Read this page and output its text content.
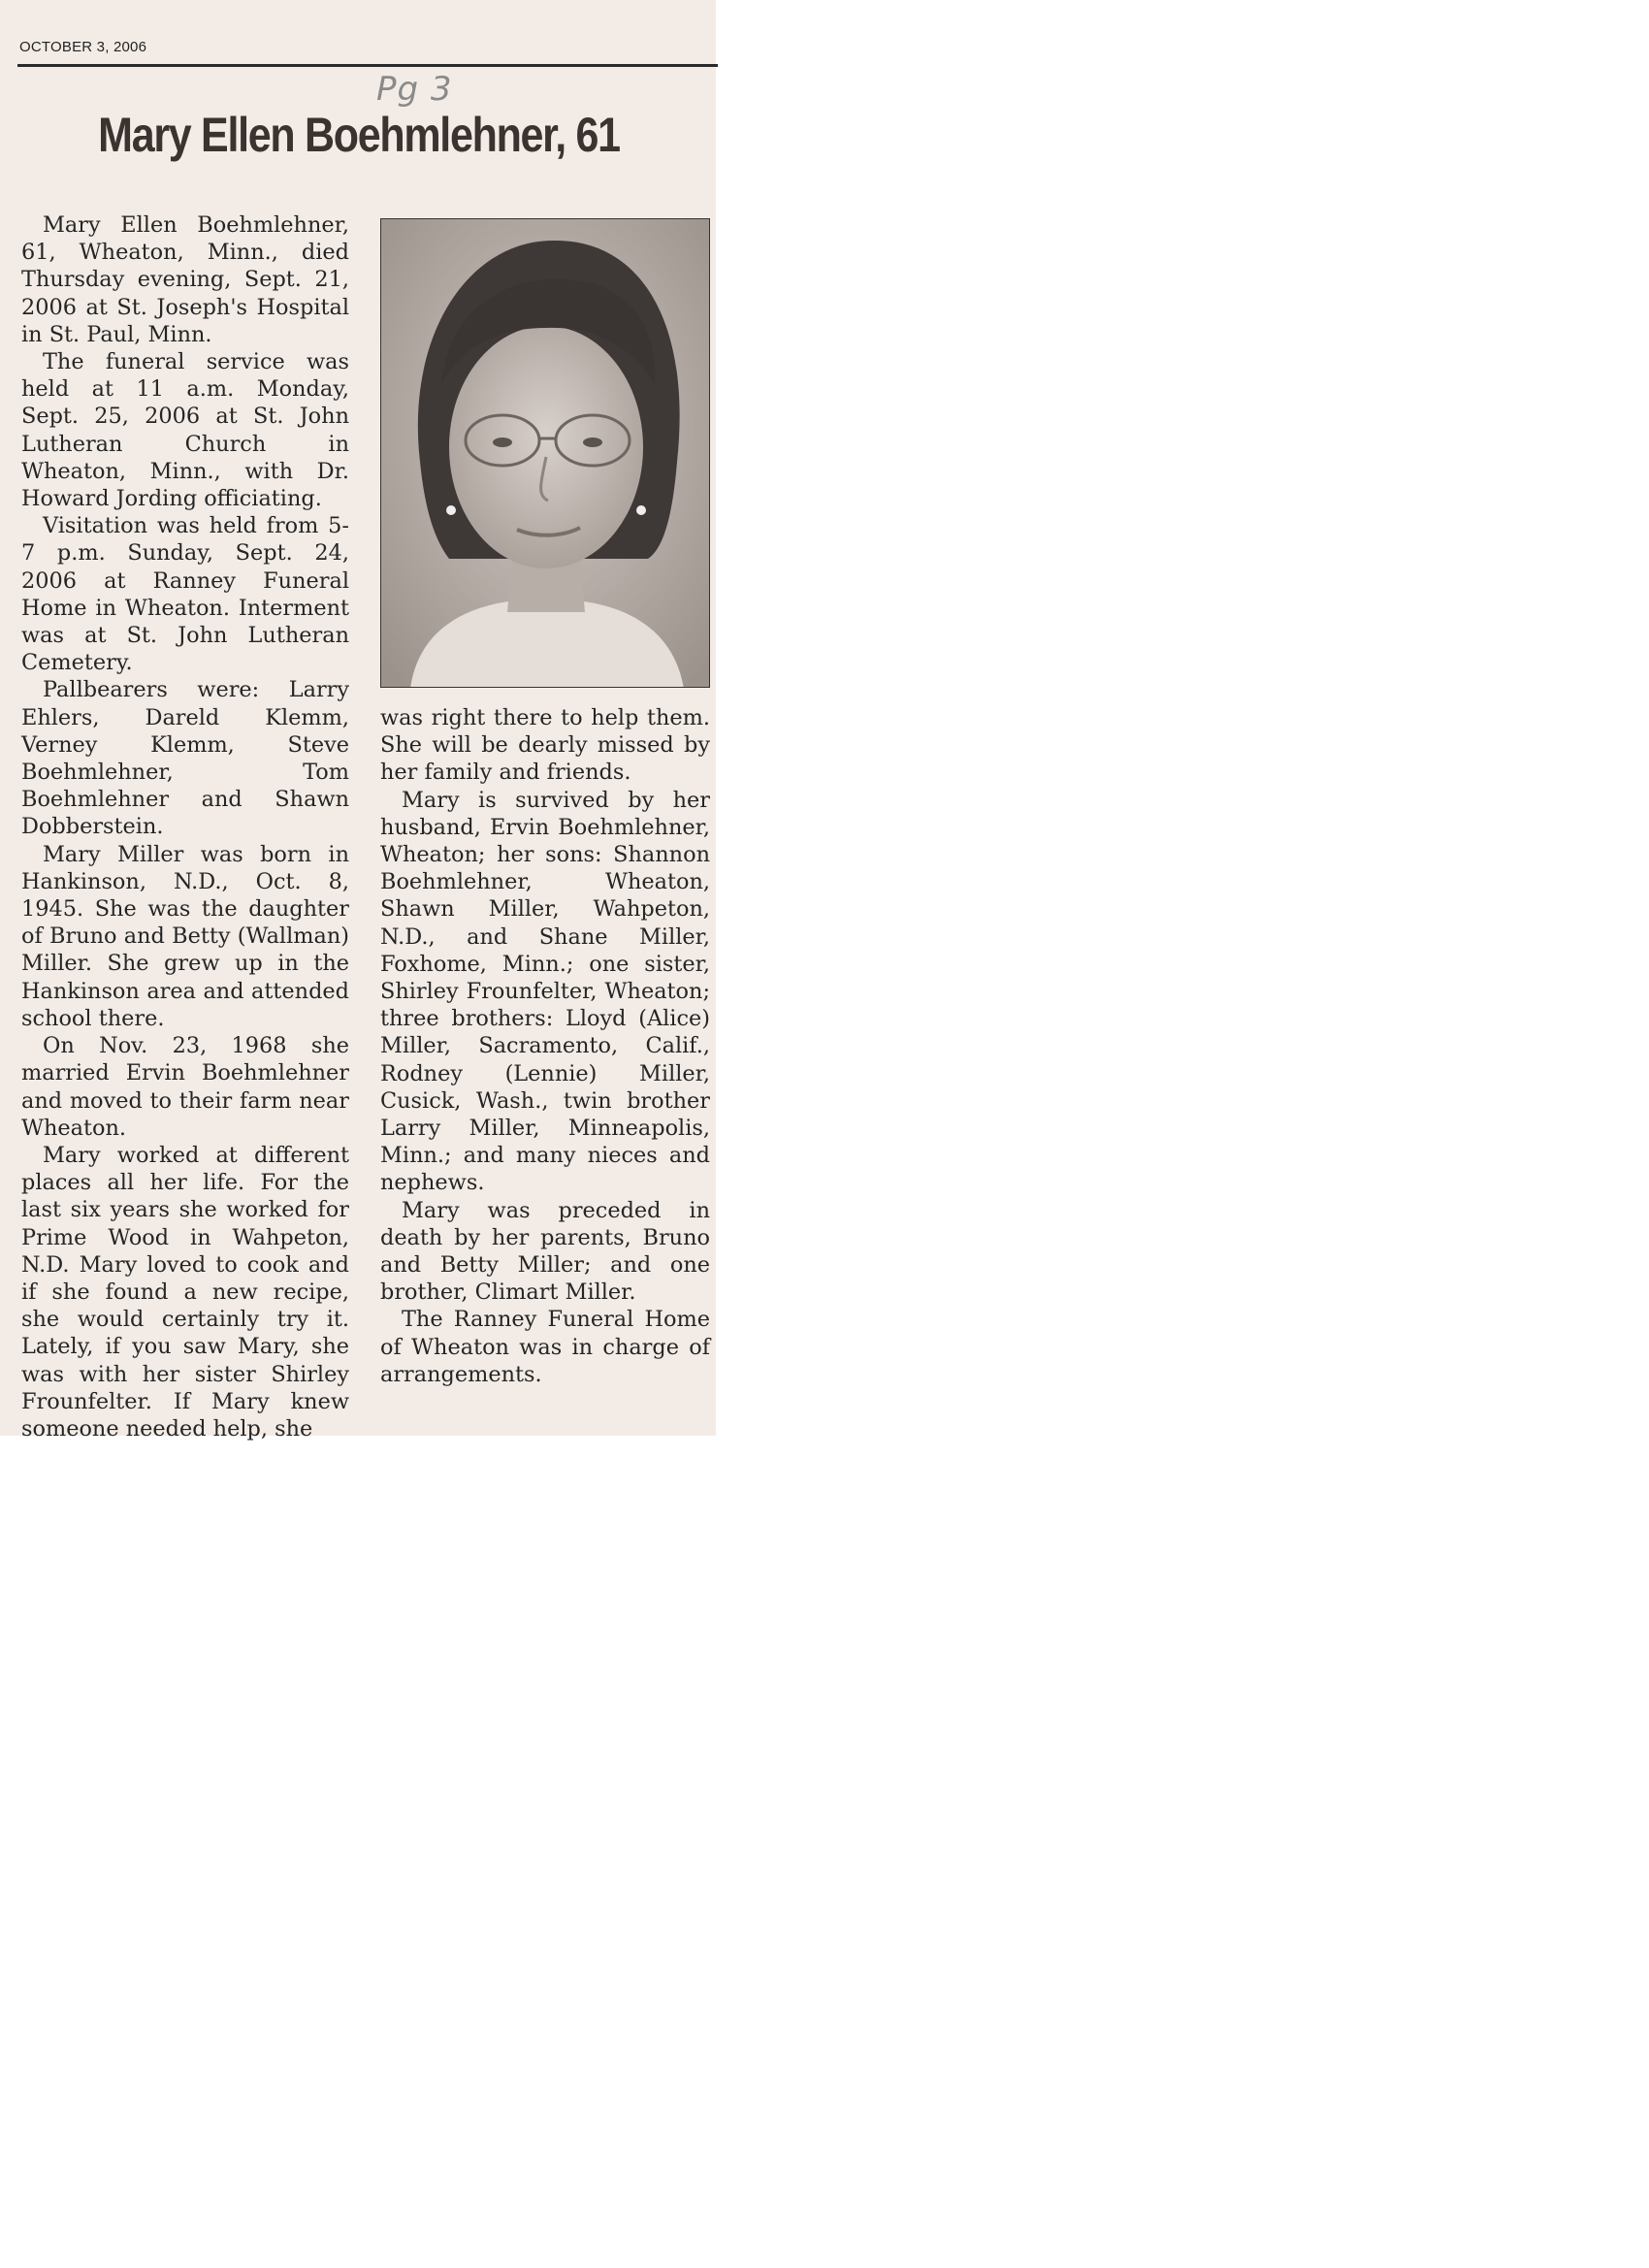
OCTOBER 3, 2006
Pg 3
Mary Ellen Boehmlehner, 61

Mary Ellen Boehmlehner, 61, Wheaton, Minn., died Thursday evening, Sept. 21, 2006 at St. Joseph's Hospital in St. Paul, Minn.

The funeral service was held at 11 a.m. Monday, Sept. 25, 2006 at St. John Lutheran Church in Wheaton, Minn., with Dr. Howard Jording officiating.

Visitation was held from 5-7 p.m. Sunday, Sept. 24, 2006 at Ranney Funeral Home in Wheaton. Interment was at St. John Lutheran Cemetery.

Pallbearers were: Larry Ehlers, Dareld Klemm, Verney Klemm, Steve Boehmlehner, Tom Boehmlehner and Shawn Dobberstein.

Mary Miller was born in Hankinson, N.D., Oct. 8, 1945. She was the daughter of Bruno and Betty (Wallman) Miller. She grew up in the Hankinson area and attended school there.

On Nov. 23, 1968 she married Ervin Boehmlehner and moved to their farm near Wheaton.

Mary worked at different places all her life. For the last six years she worked for Prime Wood in Wahpeton, N.D. Mary loved to cook and if she found a new recipe, she would certainly try it. Lately, if you saw Mary, she was with her sister Shirley Frounfelter. If Mary knew someone needed help, she

was right there to help them. She will be dearly missed by her family and friends.

Mary is survived by her husband, Ervin Boehmlehner, Wheaton; her sons: Shannon Boehmlehner, Wheaton, Shawn Miller, Wahpeton, N.D., and Shane Miller, Foxhome, Minn.; one sister, Shirley Frounfelter, Wheaton; three brothers: Lloyd (Alice) Miller, Sacramento, Calif., Rodney (Lennie) Miller, Cusick, Wash., twin brother Larry Miller, Minneapolis, Minn.; and many nieces and nephews.

Mary was preceded in death by her parents, Bruno and Betty Miller; and one brother, Climart Miller.

The Ranney Funeral Home of Wheaton was in charge of arrangements.
